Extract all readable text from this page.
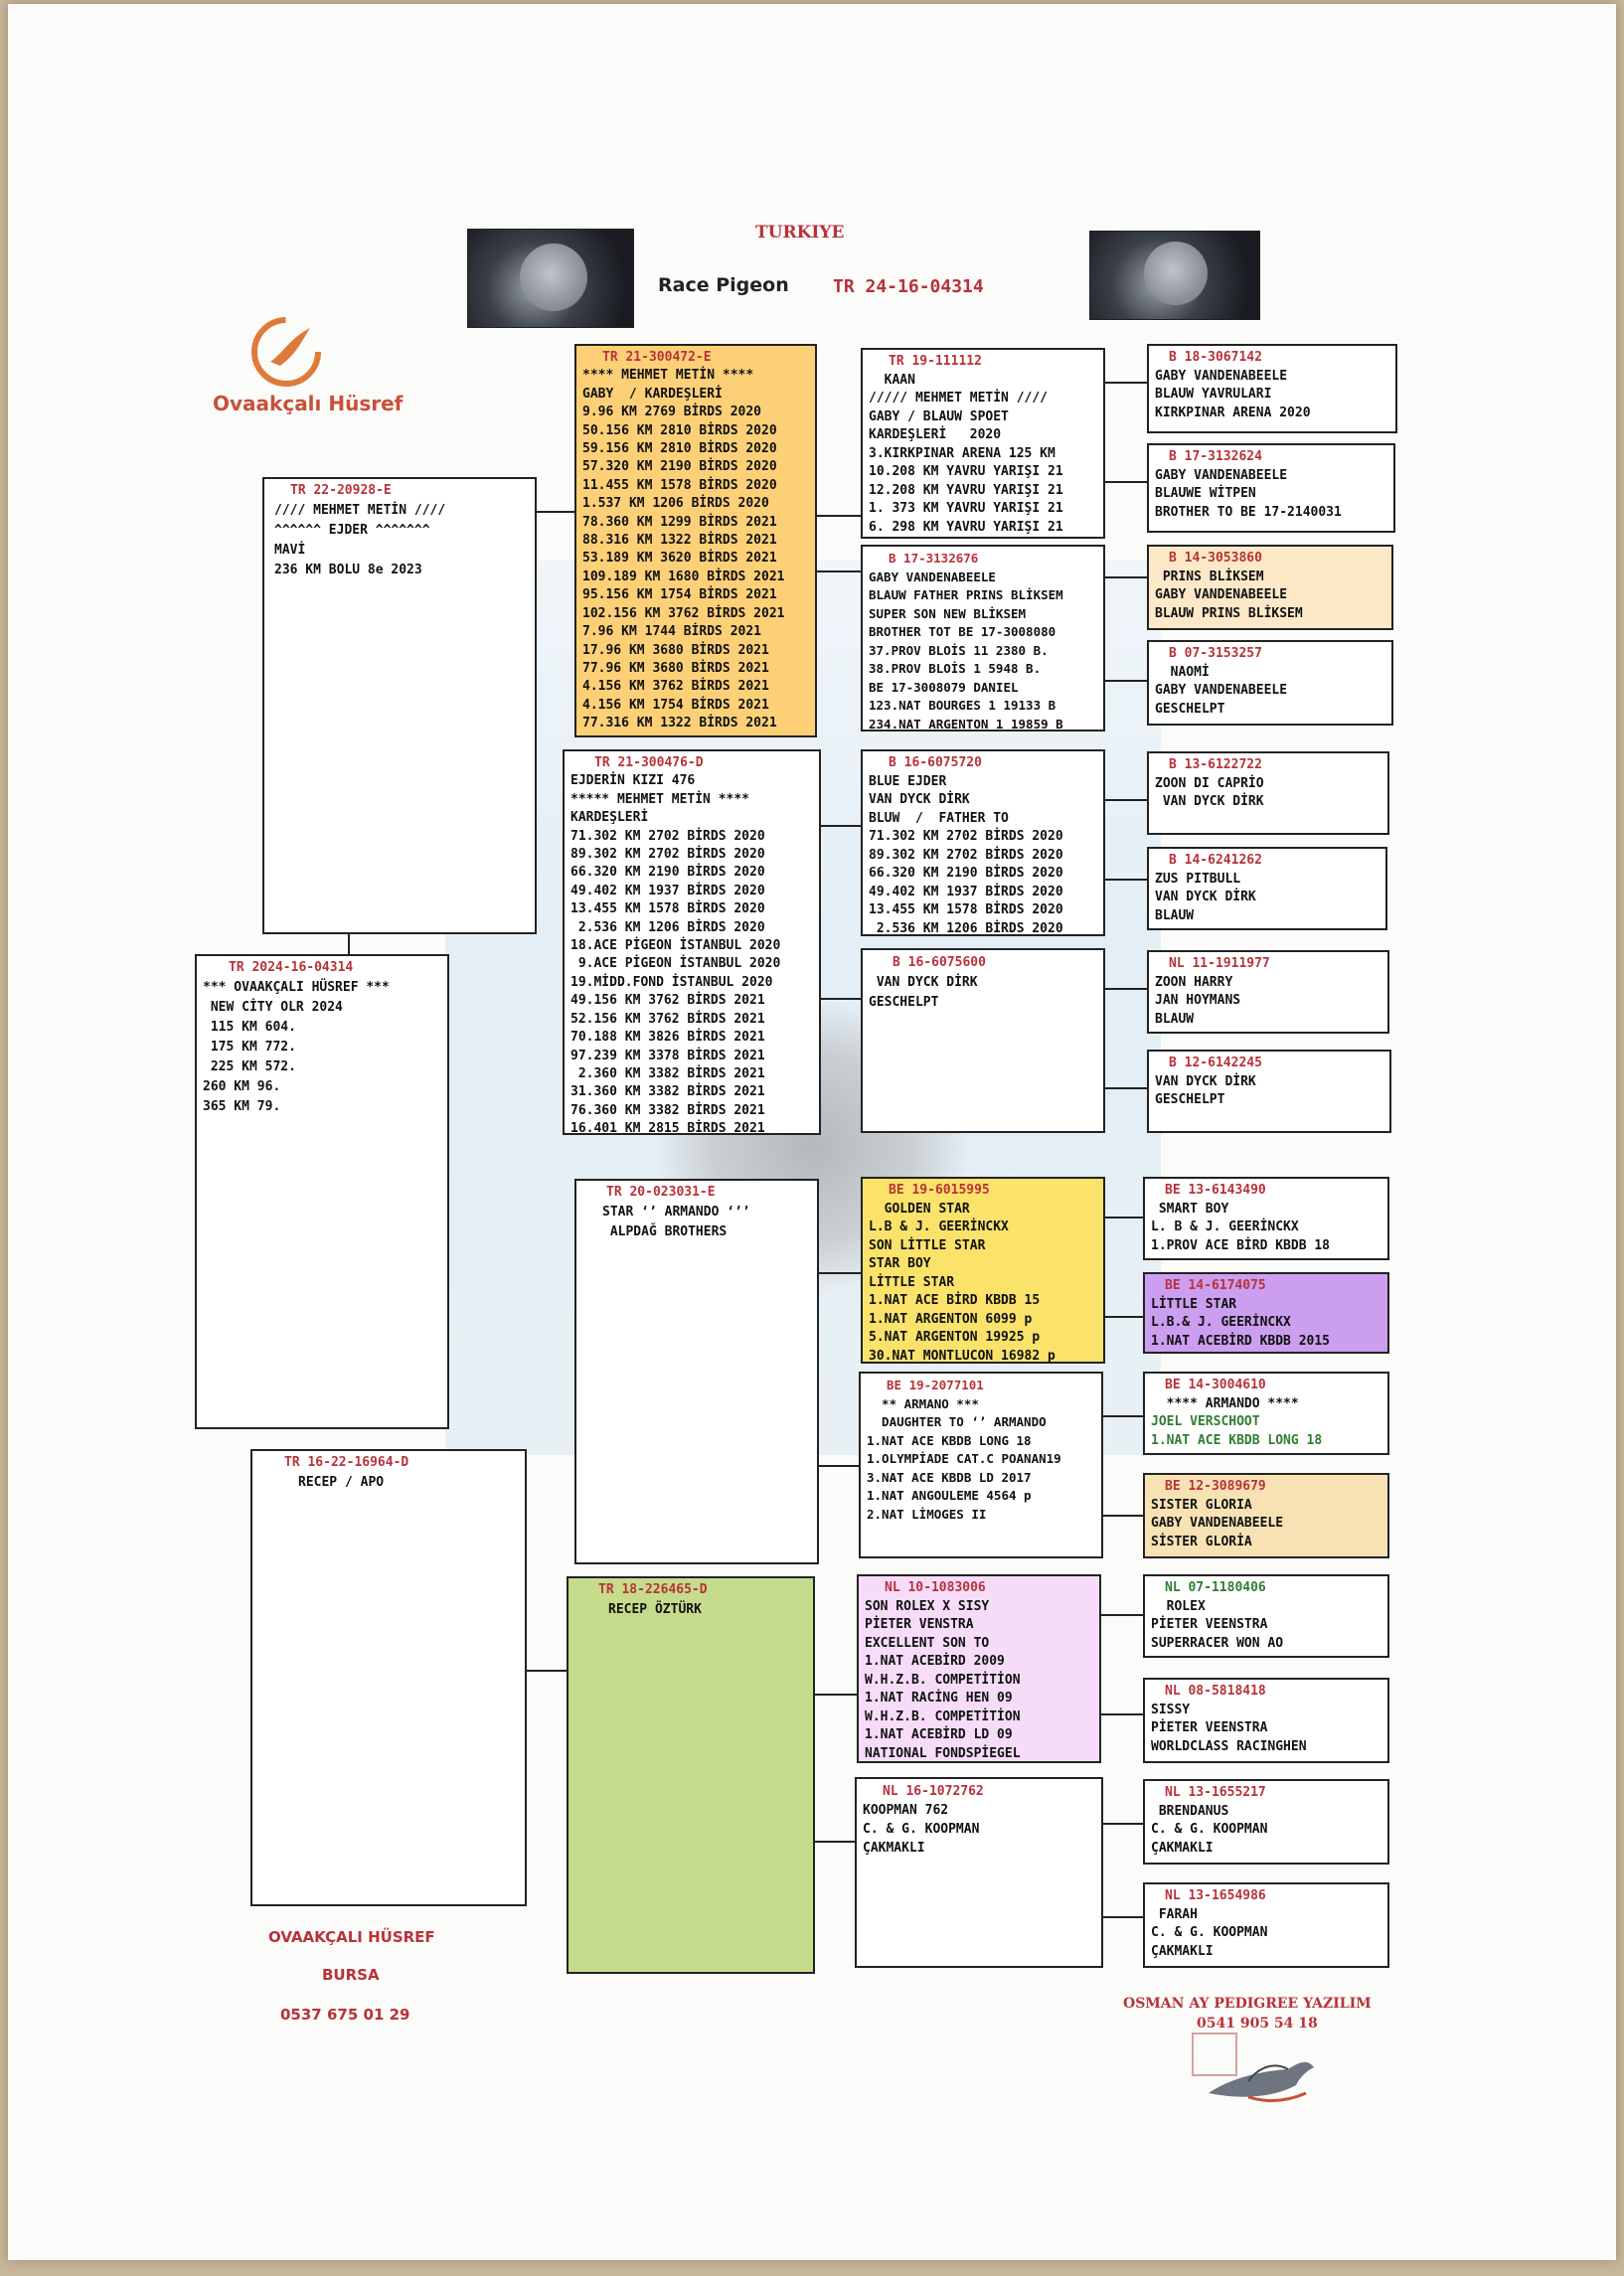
TURKIYE
Race Pigeon TR 24-16-04314
Ovaakçalı Hüsref
TR 2024-16-04314
*** OVAAKÇALI HÜSREF ***
NEW CİTY OLR 2024
115 KM 604.
175 KM 772.
225 KM 572.
260 KM 96.
365 KM 79.
TR 22-20928-E
//// MEHMET METİN ////
^^^^^^ EJDER ^^^^^^^
MAVİ
236 KM BOLU 8e 2023
TR 16-22-16964-D
RECEP / APO
TR 21-300472-E
**** MEHMET METİN ****
GABY  / KARDEŞLERİ
9.96 KM 2769 BİRDS 2020
50.156 KM 2810 BİRDS 2020
59.156 KM 2810 BİRDS 2020
57.320 KM 2190 BİRDS 2020
11.455 KM 1578 BİRDS 2020
1.537 KM 1206 BİRDS 2020
78.360 KM 1299 BİRDS 2021
88.316 KM 1322 BİRDS 2021
53.189 KM 3620 BİRDS 2021
109.189 KM 1680 BİRDS 2021
95.156 KM 1754 BİRDS 2021
102.156 KM 3762 BİRDS 2021
7.96 KM 1744 BİRDS 2021
17.96 KM 3680 BİRDS 2021
77.96 KM 3680 BİRDS 2021
4.156 KM 3762 BİRDS 2021
4.156 KM 1754 BİRDS 2021
77.316 KM 1322 BİRDS 2021
TR 21-300476-D
EJDERİN KIZI 476
***** MEHMET METİN ****
KARDEŞLERİ
71.302 KM 2702 BİRDS 2020
89.302 KM 2702 BİRDS 2020
66.320 KM 2190 BİRDS 2020
49.402 KM 1937 BİRDS 2020
13.455 KM 1578 BİRDS 2020
2.536 KM 1206 BİRDS 2020
18.ACE PİGEON İSTANBUL 2020
9.ACE PİGEON İSTANBUL 2020
19.MİDD.FOND İSTANBUL 2020
49.156 KM 3762 BİRDS 2021
52.156 KM 3762 BİRDS 2021
70.188 KM 3826 BİRDS 2021
97.239 KM 3378 BİRDS 2021
2.360 KM 3382 BİRDS 2021
31.360 KM 3382 BİRDS 2021
76.360 KM 3382 BİRDS 2021
16.401 KM 2815 BİRDS 2021
TR 20-023031-E
STAR ‘’ ARMANDO ‘’’
ALPDAĞ BROTHERS
TR 18-226465-D
RECEP ÖZTÜRK
TR 19-111112
KAAN
///// MEHMET METİN ////
GABY / BLAUW SPOET
KARDEŞLERİ   2020
3.KIRKPINAR ARENA 125 KM
10.208 KM YAVRU YARIŞI 21
12.208 KM YAVRU YARIŞI 21
1. 373 KM YAVRU YARIŞI 21
6. 298 KM YAVRU YARIŞI 21
B 17-3132676
GABY VANDENABEELE
BLAUW FATHER PRINS BLİKSEM
SUPER SON NEW BLİKSEM
BROTHER TOT BE 17-3008080
37.PROV BLOİS 11 2380 B.
38.PROV BLOİS 1 5948 B.
BE 17-3008079 DANIEL
123.NAT BOURGES 1 19133 B
234.NAT ARGENTON 1 19859 B
B 16-6075720
BLUE EJDER
VAN DYCK DİRK
BLUW  /  FATHER TO
71.302 KM 2702 BİRDS 2020
89.302 KM 2702 BİRDS 2020
66.320 KM 2190 BİRDS 2020
49.402 KM 1937 BİRDS 2020
13.455 KM 1578 BİRDS 2020
2.536 KM 1206 BİRDS 2020
B 16-6075600
VAN DYCK DİRK
GESCHELPT
BE 19-6015995
GOLDEN STAR
L.B & J. GEERİNCKX
SON LİTTLE STAR
STAR BOY
LİTTLE STAR
1.NAT ACE BİRD KBDB 15
1.NAT ARGENTON 6099 p
5.NAT ARGENTON 19925 p
30.NAT MONTLUCON 16982 p
BE 19-2077101
** ARMANO ***
DAUGHTER TO ‘’ ARMANDO
1.NAT ACE KBDB LONG 18
1.OLYMPİADE CAT.C POANAN19
3.NAT ACE KBDB LD 2017
1.NAT ANGOULEME 4564 p
2.NAT LİMOGES II
NL 10-1083006
SON ROLEX X SISY
PİETER VENSTRA
EXCELLENT SON TO
1.NAT ACEBİRD 2009
W.H.Z.B. COMPETİTİON
1.NAT RACİNG HEN 09
W.H.Z.B. COMPETİTİON
1.NAT ACEBİRD LD 09
NATIONAL FONDSPİEGEL
NL 16-1072762
KOOPMAN 762
C. & G. KOOPMAN
ÇAKMAKLI
B 18-3067142
GABY VANDENABEELE
BLAUW YAVRULARI
KIRKPINAR ARENA 2020
B 17-3132624
GABY VANDENABEELE
BLAUWE WİTPEN
BROTHER TO BE 17-2140031
B 14-3053860
PRINS BLİKSEM
GABY VANDENABEELE
BLAUW PRINS BLİKSEM
B 07-3153257
NAOMİ
GABY VANDENABEELE
GESCHELPT
B 13-6122722
ZOON DI CAPRİO
VAN DYCK DİRK
B 14-6241262
ZUS PITBULL
VAN DYCK DİRK
BLAUW
NL 11-1911977
ZOON HARRY
JAN HOYMANS
BLAUW
B 12-6142245
VAN DYCK DİRK
GESCHELPT
BE 13-6143490
SMART BOY
L. B & J. GEERİNCKX
1.PROV ACE BİRD KBDB 18
BE 14-6174075
LİTTLE STAR
L.B.& J. GEERİNCKX
1.NAT ACEBİRD KBDB 2015
BE 14-3004610
**** ARMANDO ****
JOEL VERSCHOOT
1.NAT ACE KBDB LONG 18
BE 12-3089679
SISTER GLORIA
GABY VANDENABEELE
SİSTER GLORİA
NL 07-1180406
ROLEX
PİETER VEENSTRA
SUPERRACER WON AO
NL 08-5818418
SISSY
PİETER VEENSTRA
WORLDCLASS RACINGHEN
NL 13-1655217
BRENDANUS
C. & G. KOOPMAN
ÇAKMAKLI
NL 13-1654986
FARAH
C. & G. KOOPMAN
ÇAKMAKLI
OVAAKÇALI HÜSREF
BURSA
0537 675 01 29
OSMAN AY PEDIGREE YAZILIM
0541 905 54 18
